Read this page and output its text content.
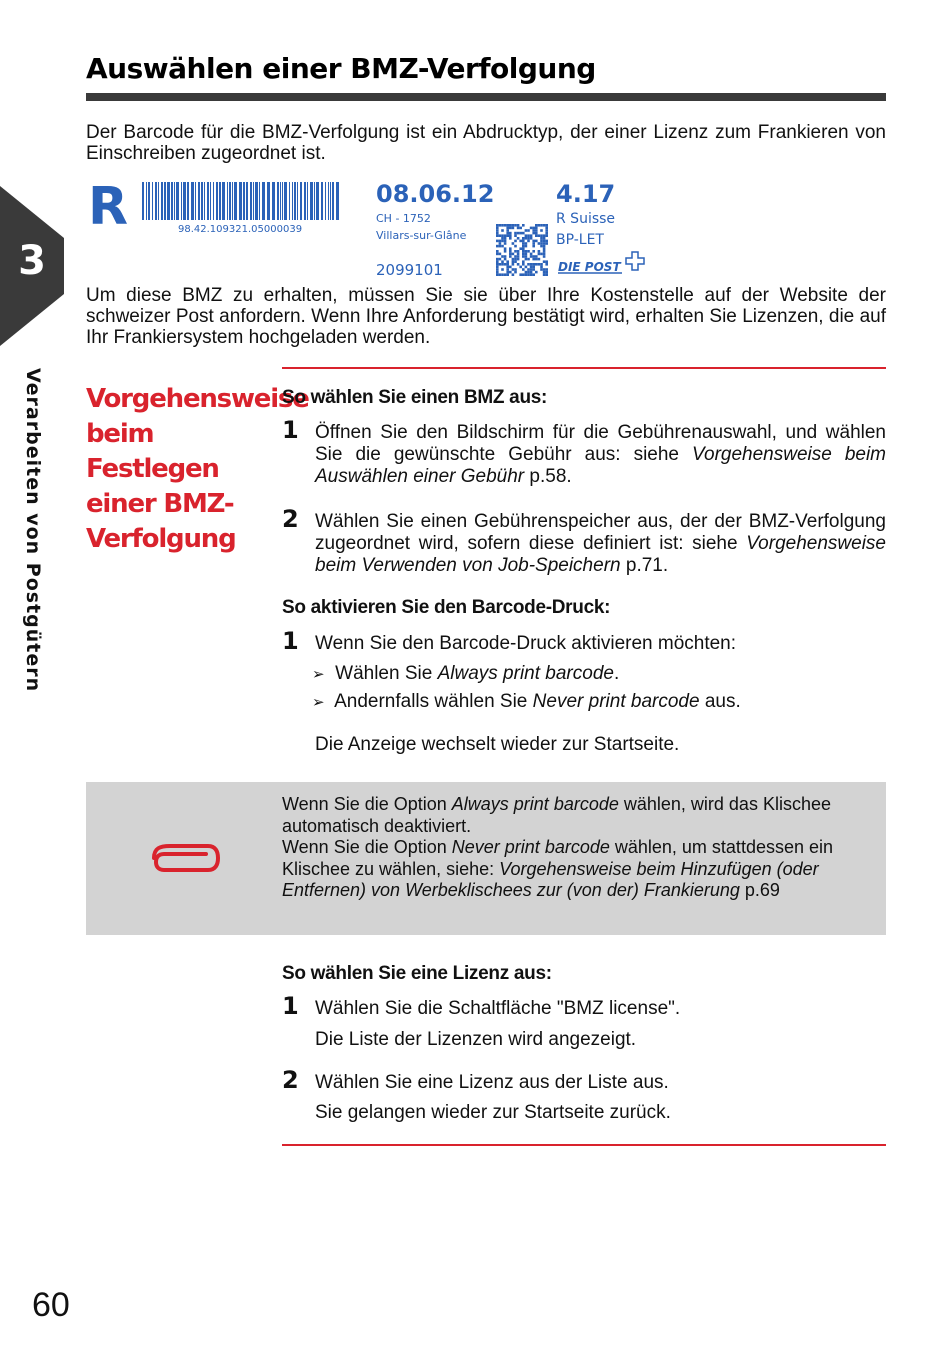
Auswählen einer BMZ-Verfolgung
Der Barcode für die BMZ-Verfolgung ist ein Abdrucktyp, der einer Lizenz zum Frankieren von Einschreiben zugeordnet ist.
R	98.42.109321.05000039
08.06.12
CH - 1752
Villars-sur-Glâne
2099101
4.17
R Suisse
BP-LET
DIE POST
Um diese BMZ zu erhalten, müssen Sie sie über Ihre Kostenstelle auf der Website der schweizer Post anfordern. Wenn Ihre Anforderung bestätigt wird, erhalten Sie Lizenzen, die auf Ihr Frankiersystem hochgeladen werden.
3
Verarbeiten von Postgütern Vorgehensweise
beim Festlegen
einer BMZ-
Verfolgung
So wählen Sie einen BMZ aus:
1 Öffnen Sie den Bildschirm für die Gebührenauswahl, und wählen Sie die gewünschte Gebühr aus: siehe Vorgehensweise beim Auswählen einer Gebühr p.58.
2 Wählen Sie einen Gebührenspeicher aus, der der BMZ-Verfolgung zugeordnet wird, sofern diese definiert ist: siehe Vorgehensweise beim Verwenden von Job-Speichern p.71.
So aktivieren Sie den Barcode-Druck:
1 Wenn Sie den Barcode-Druck aktivieren möchten:
➢ Wählen Sie Always print barcode.
➢ Andernfalls wählen Sie Never print barcode aus.
Die Anzeige wechselt wieder zur Startseite.
Wenn Sie die Option Always print barcode wählen, wird das Klischee automatisch deaktiviert.
Wenn Sie die Option Never print barcode wählen, um stattdessen ein Klischee zu wählen, siehe: Vorgehensweise beim Hinzufügen (oder Entfernen) von Werbeklischees zur (von der) Frankierung p.69
So wählen Sie eine Lizenz aus:
1 Wählen Sie die Schaltfläche "BMZ license".
Die Liste der Lizenzen wird angezeigt.
2 Wählen Sie eine Lizenz aus der Liste aus.
Sie gelangen wieder zur Startseite zurück.
60
